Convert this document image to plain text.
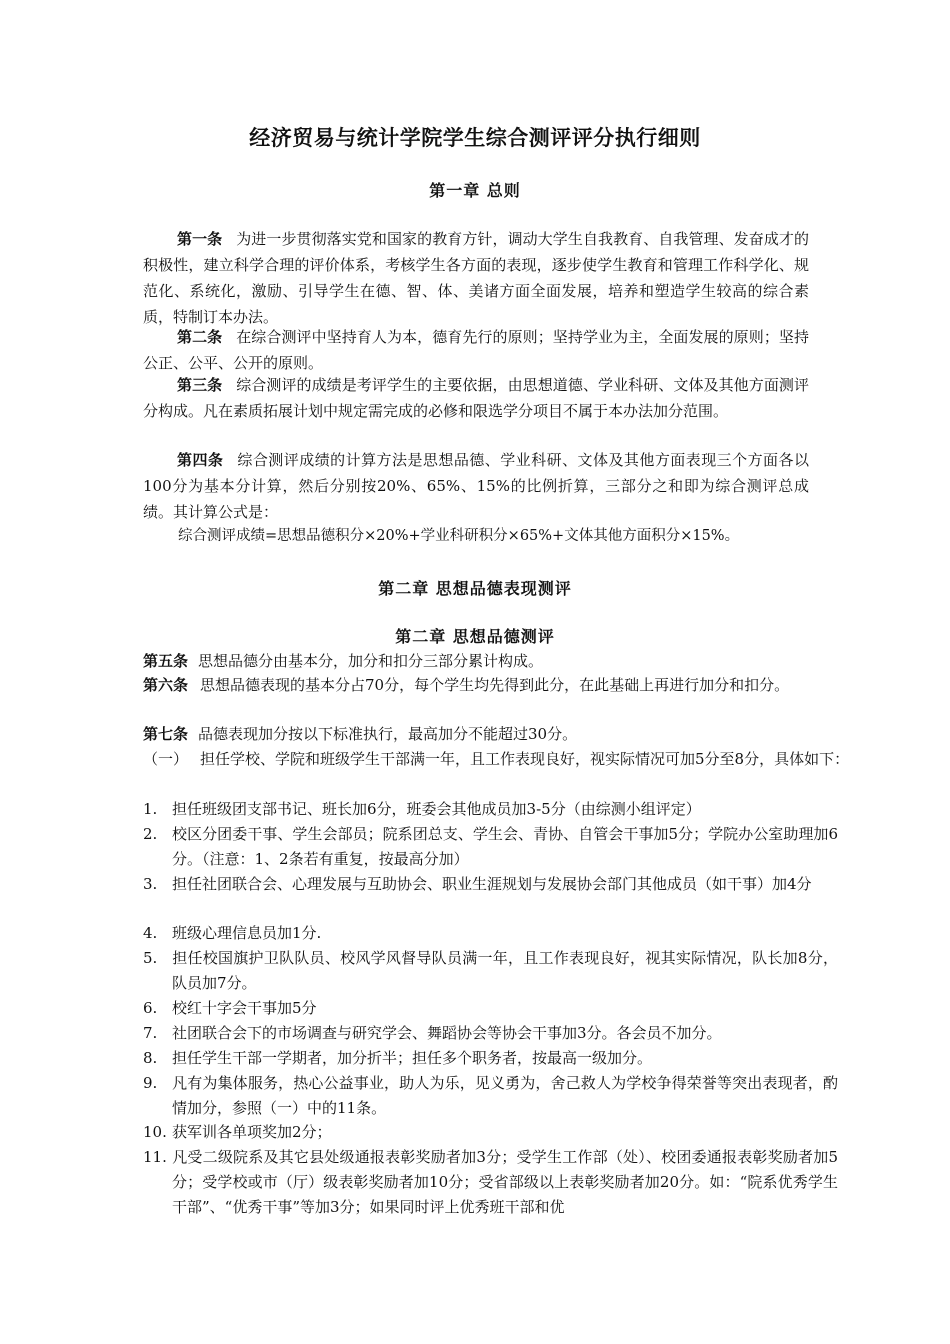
经济贸易与统计学院学生综合测评评分执行细则
第一章 总则
第一条 为进一步贯彻落实党和国家的教育方针，调动大学生自我教育、自我管理、发奋成才的积极性，建立科学合理的评价体系，考核学生各方面的表现，逐步使学生教育和管理工作科学化、规范化、系统化，激励、引导学生在德、智、体、美诸方面全面发展，培养和塑造学生较高的综合素质，特制订本办法。
第二条 在综合测评中坚持育人为本，德育先行的原则；坚持学业为主，全面发展的原则；坚持公正、公平、公开的原则。
第三条 综合测评的成绩是考评学生的主要依据，由思想道德、学业科研、文体及其他方面测评分构成。凡在素质拓展计划中规定需完成的必修和限选学分项目不属于本办法加分范围。
第四条 综合测评成绩的计算方法是思想品德、学业科研、文体及其他方面表现三个方面各以100分为基本分计算，然后分别按20%、65%、15%的比例折算，三部分之和即为综合测评总成绩。其计算公式是：
综合测评成绩=思想品德积分×20%+学业科研积分×65%+文体其他方面积分×15%。
第二章 思想品德表现测评
第二章 思想品德测评
第五条 思想品德分由基本分，加分和扣分三部分累计构成。
第六条 思想品德表现的基本分占70分，每个学生均先得到此分，在此基础上再进行加分和扣分。
第七条 品德表现加分按以下标准执行，最高加分不能超过30分。
（一） 担任学校、学院和班级学生干部满一年，且工作表现良好，视实际情况可加5分至8分，具体如下：
1. 担任班级团支部书记、班长加6分，班委会其他成员加3-5分（由综测小组评定）
2. 校区分团委干事、学生会部员；院系团总支、学生会、青协、自管会干事加5分；学院办公室助理加6分。（注意：1、2条若有重复，按最高分加）
3. 担任社团联合会、心理发展与互助协会、职业生涯规划与发展协会部门其他成员（如干事）加4分
4. 班级心理信息员加1分.
5. 担任校国旗护卫队队员、校风学风督导队员满一年，且工作表现良好，视其实际情况，队长加8分，队员加7分。
6. 校红十字会干事加5分
7. 社团联合会下的市场调查与研究学会、舞蹈协会等协会干事加3分。各会员不加分。
8. 担任学生干部一学期者，加分折半；担任多个职务者，按最高一级加分。
9. 凡有为集体服务，热心公益事业，助人为乐，见义勇为，舍己救人为学校争得荣誉等突出表现者，酌情加分，参照（一）中的11条。
10. 获军训各单项奖加2分；
11. 凡受二级院系及其它县处级通报表彰奖励者加3分；受学生工作部（处）、校团委通报表彰奖励者加5分；受学校或市（厅）级表彰奖励者加10分；受省部级以上表彰奖励者加20分。如：“院系优秀学生干部”、“优秀干事”等加3分；如果同时评上优秀班干部和优
